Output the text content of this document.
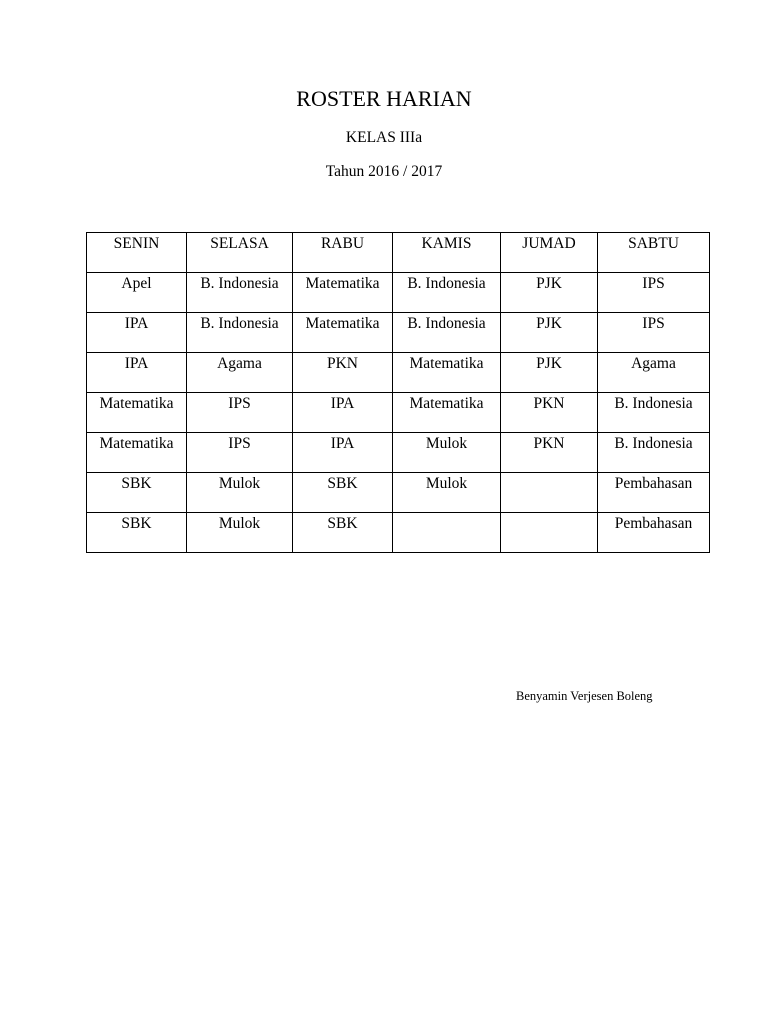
ROSTER HARIAN
KELAS IIIa
Tahun 2016 / 2017
SENIN	SELASA	RABU	KAMIS	JUMAD	SABTU

Apel	B. Indonesia	Matematika	B. Indonesia	PJK	IPS

IPA	B. Indonesia	Matematika	B. Indonesia	PJK	IPS

IPA	Agama	PKN	Matematika	PJK	Agama

Matematika	IPS	IPA	Matematika	PKN	B. Indonesia

Matematika	IPS	IPA	Mulok	PKN	B. Indonesia

SBK	Mulok	SBK	Mulok		Pembahasan

SBK	Mulok	SBK			Pembahasan
Benyamin Verjesen Boleng
